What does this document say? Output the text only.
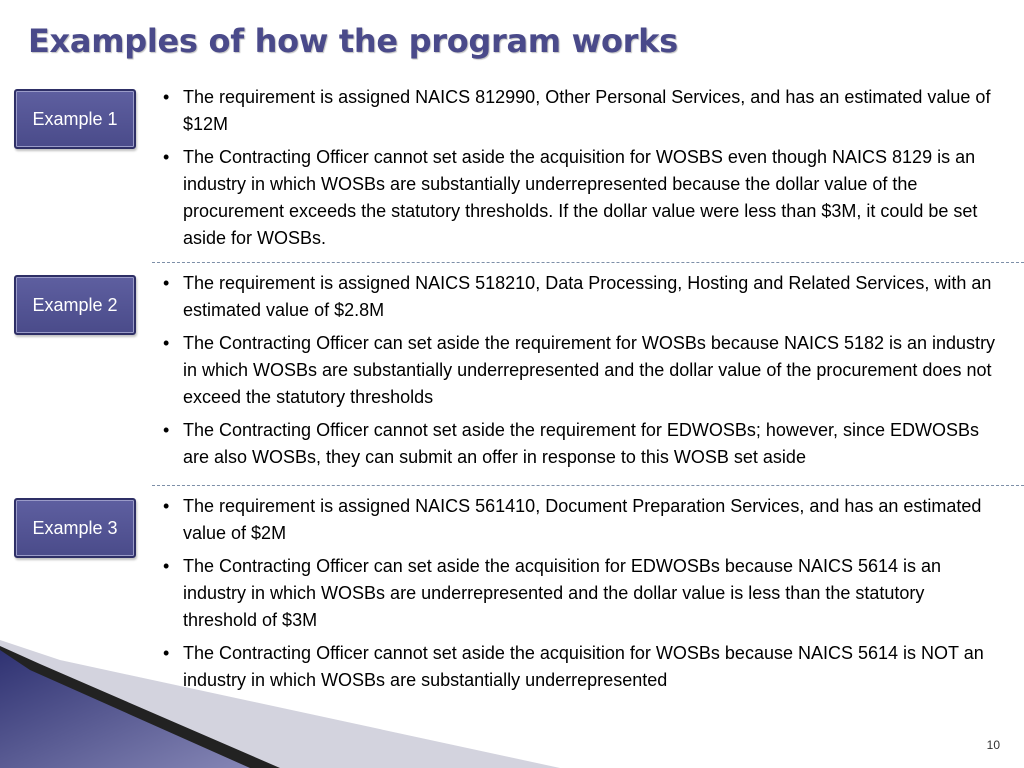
Examples of how the program works
Example 1
• The requirement is assigned NAICS 812990, Other Personal Services, and has an estimated value of $12M
• The Contracting Officer cannot set aside the acquisition for WOSBS even though NAICS 8129 is an industry in which WOSBs are substantially underrepresented because the dollar value of the procurement exceeds the statutory thresholds. If the dollar value were less than $3M, it could be set aside for WOSBs.
Example 2
• The requirement is assigned NAICS 518210, Data Processing, Hosting and Related Services, with an estimated value of $2.8M
• The Contracting Officer can set aside the requirement for WOSBs because NAICS 5182 is an industry in which WOSBs are substantially underrepresented and the dollar value of the procurement does not exceed the statutory thresholds
• The Contracting Officer cannot set aside the requirement for EDWOSBs; however, since EDWOSBs are also WOSBs, they can submit an offer in response to this WOSB set aside
Example 3
• The requirement is assigned NAICS 561410, Document Preparation Services, and has an estimated value of $2M
• The Contracting Officer can set aside the acquisition for EDWOSBs because NAICS 5614 is an industry in which WOSBs are underrepresented and the dollar value is less than the statutory threshold of $3M
• The Contracting Officer cannot set aside the acquisition for WOSBs because NAICS 5614 is NOT an industry in which WOSBs are substantially underrepresented
10
